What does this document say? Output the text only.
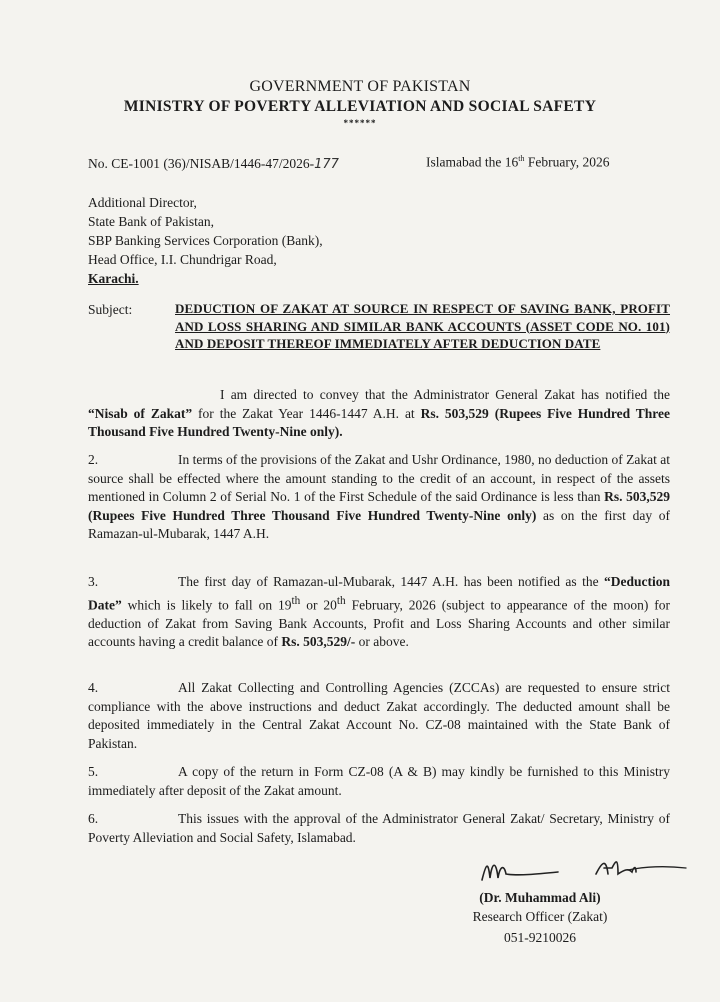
GOVERNMENT OF PAKISTAN
MINISTRY OF POVERTY ALLEVIATION AND SOCIAL SAFETY
******
No. CE-1001 (36)/NISAB/1446-47/2026-177	Islamabad the 16th February, 2026
Additional Director,
State Bank of Pakistan,
SBP Banking Services Corporation (Bank),
Head Office, I.I. Chundrigar Road,
Karachi.
Subject:	DEDUCTION OF ZAKAT AT SOURCE IN RESPECT OF SAVING BANK, PROFIT AND LOSS SHARING AND SIMILAR BANK ACCOUNTS (ASSET CODE NO. 101) AND DEPOSIT THEREOF IMMEDIATELY AFTER DEDUCTION DATE
I am directed to convey that the Administrator General Zakat has notified the “Nisab of Zakat” for the Zakat Year 1446-1447 A.H. at Rs. 503,529 (Rupees Five Hundred Three Thousand Five Hundred Twenty-Nine only).
2.	In terms of the provisions of the Zakat and Ushr Ordinance, 1980, no deduction of Zakat at source shall be effected where the amount standing to the credit of an account, in respect of the assets mentioned in Column 2 of Serial No. 1 of the First Schedule of the said Ordinance is less than Rs. 503,529 (Rupees Five Hundred Three Thousand Five Hundred Twenty-Nine only) as on the first day of Ramazan-ul-Mubarak, 1447 A.H.
3.	The first day of Ramazan-ul-Mubarak, 1447 A.H. has been notified as the “Deduction Date” which is likely to fall on 19th or 20th February, 2026 (subject to appearance of the moon) for deduction of Zakat from Saving Bank Accounts, Profit and Loss Sharing Accounts and other similar accounts having a credit balance of Rs. 503,529/- or above.
4.	All Zakat Collecting and Controlling Agencies (ZCCAs) are requested to ensure strict compliance with the above instructions and deduct Zakat accordingly. The deducted amount shall be deposited immediately in the Central Zakat Account No. CZ-08 maintained with the State Bank of Pakistan.
5.	A copy of the return in Form CZ-08 (A & B) may kindly be furnished to this Ministry immediately after deposit of the Zakat amount.
6.	This issues with the approval of the Administrator General Zakat/ Secretary, Ministry of Poverty Alleviation and Social Safety, Islamabad.
(Dr. Muhammad Ali)
Research Officer (Zakat)
051-9210026
